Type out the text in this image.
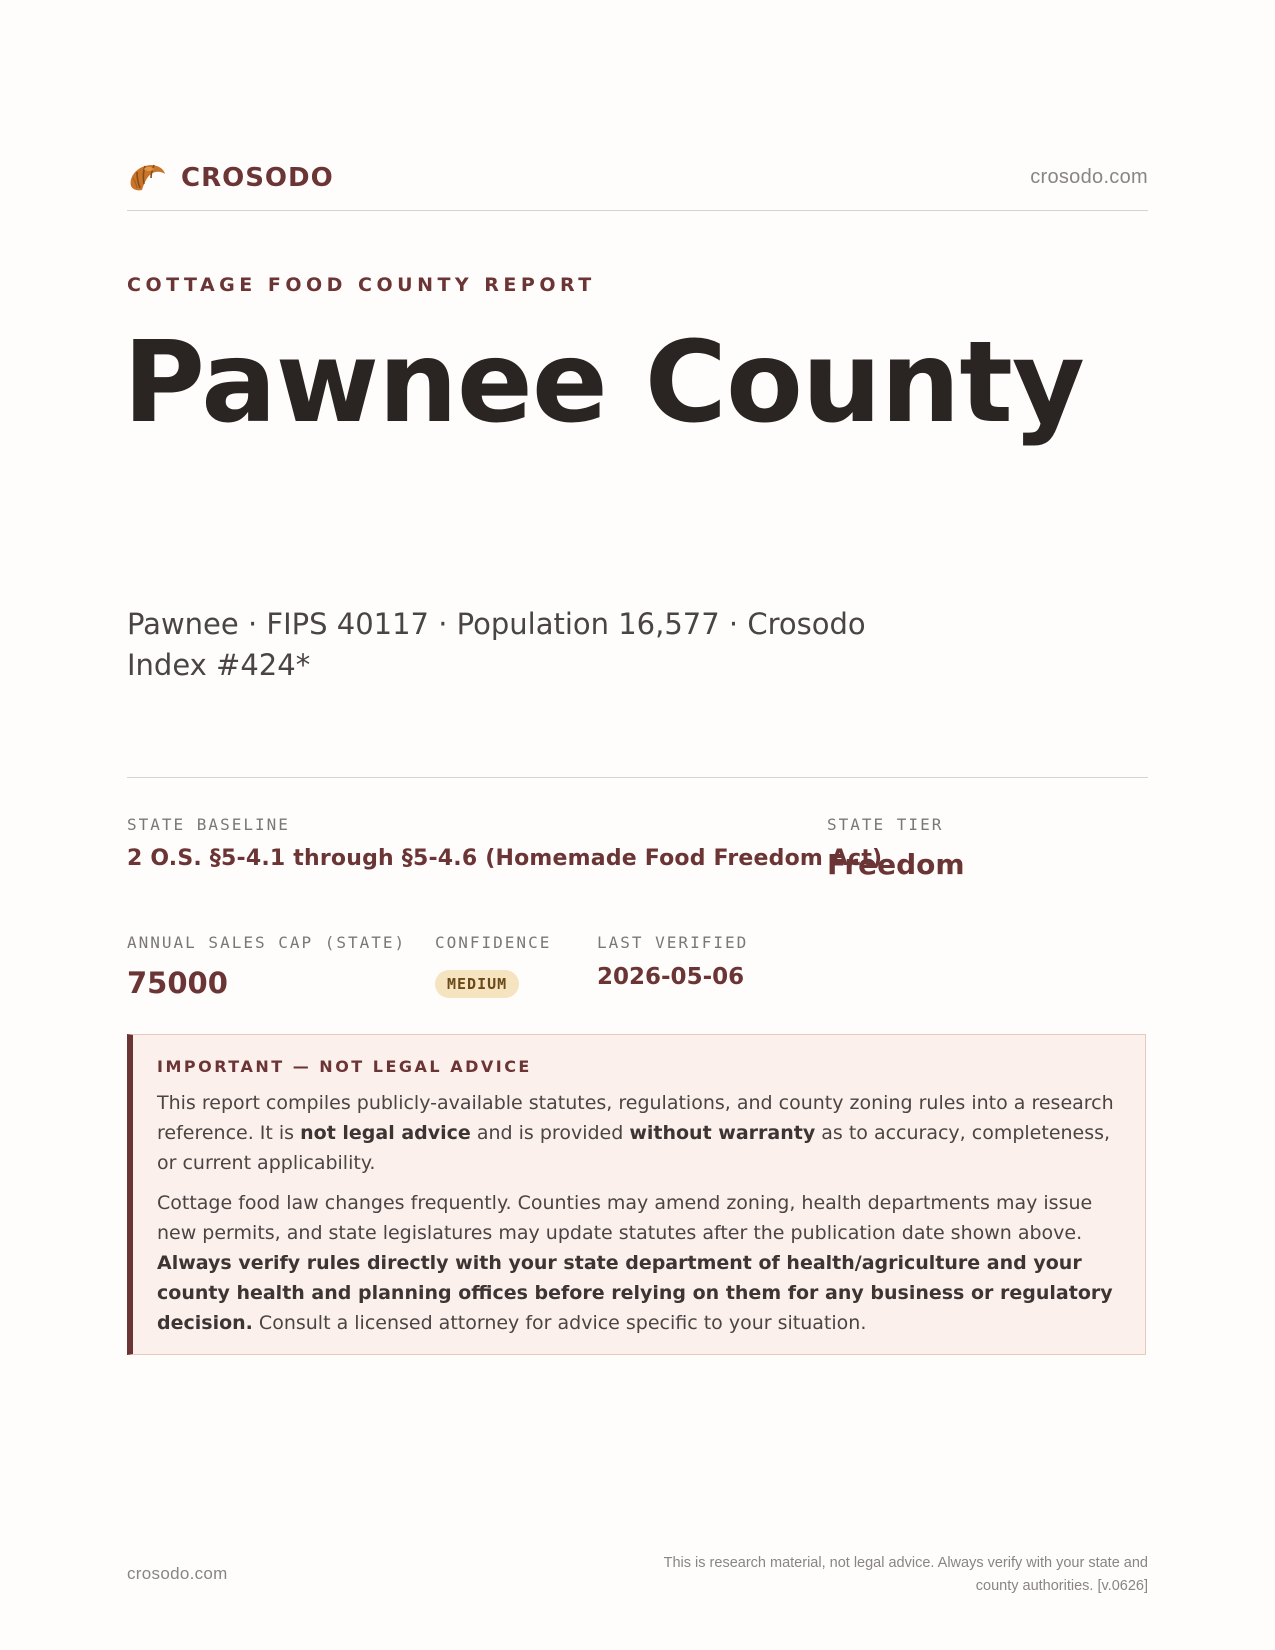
CROSODO	crosodo.com
COTTAGE FOOD COUNTY REPORT
Pawnee County
Pawnee · FIPS 40117 · Population 16,577 · Crosodo Index #424*
STATE BASELINE
2 O.S. §5-4.1 through §5-4.6 (Homemade Food Freedom Act)
STATE TIER
Freedom
ANNUAL SALES CAP (STATE)
75000
CONFIDENCE
MEDIUM
LAST VERIFIED
2026-05-06
IMPORTANT — NOT LEGAL ADVICE

This report compiles publicly-available statutes, regulations, and county zoning rules into a research reference. It is not legal advice and is provided without warranty as to accuracy, completeness, or current applicability.

Cottage food law changes frequently. Counties may amend zoning, health departments may issue new permits, and state legislatures may update statutes after the publication date shown above. Always verify rules directly with your state department of health/agriculture and your county health and planning offices before relying on them for any business or regulatory decision. Consult a licensed attorney for advice specific to your situation.

crosodo.com
This is research material, not legal advice. Always verify with your state and county authorities. [v.0626]
